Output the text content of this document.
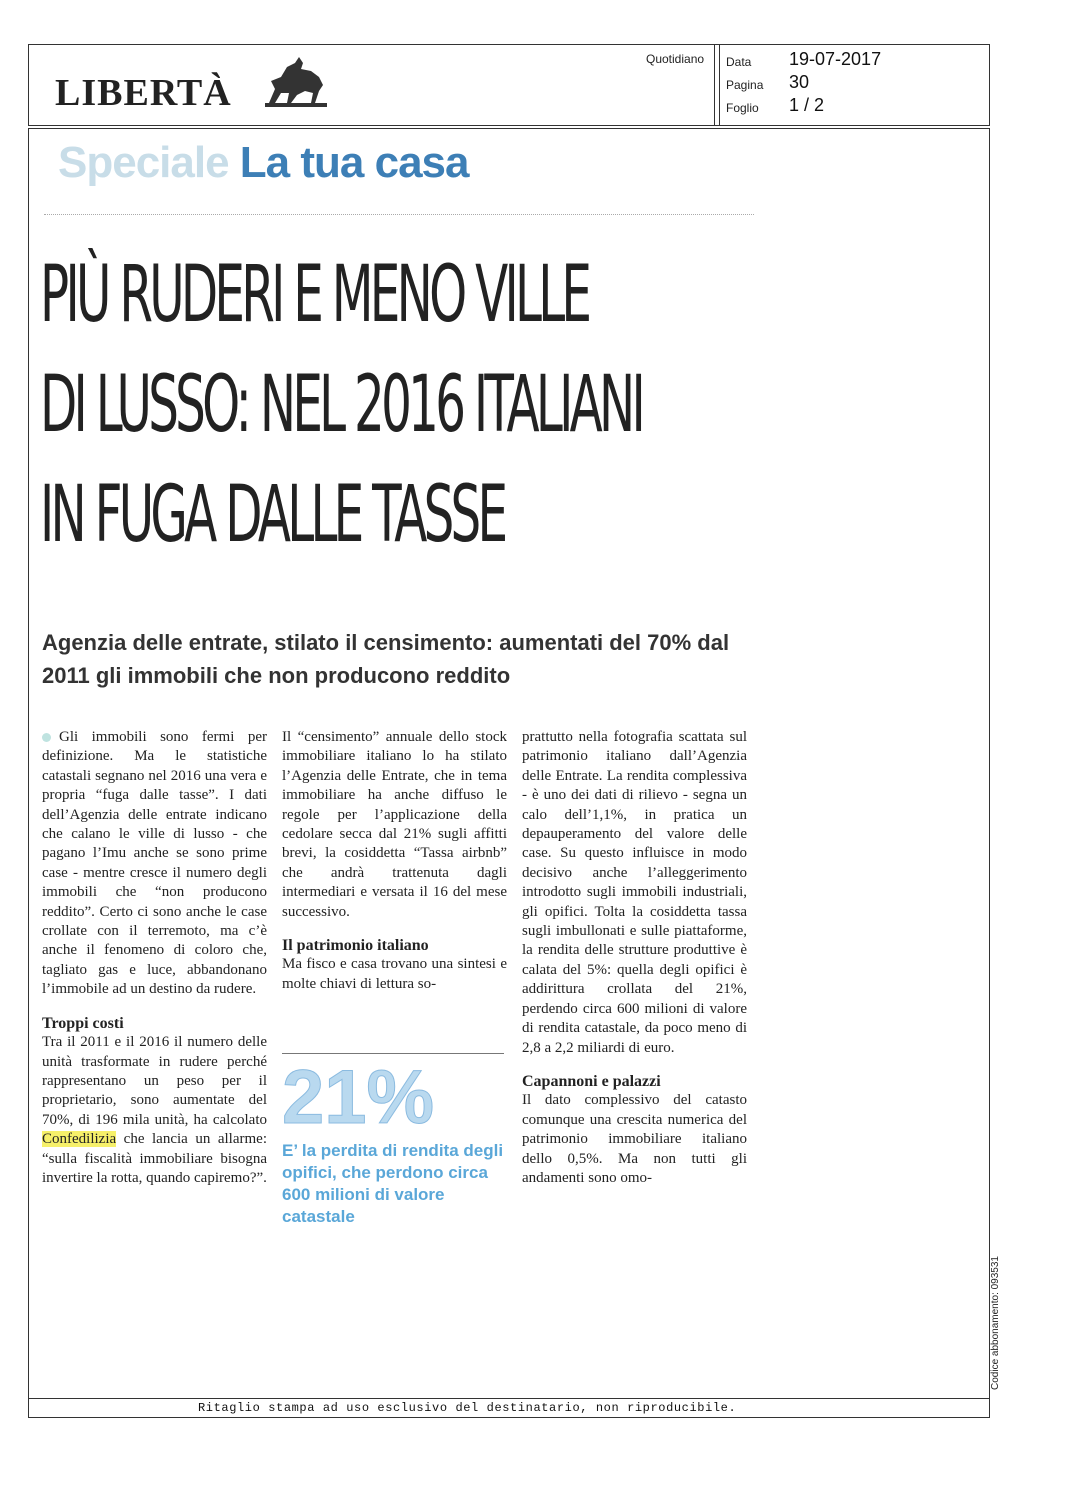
LIBERTÀ
Quotidiano Data 19-07-2017
Pagina 30
Foglio 1 / 2
Speciale La tua casa
PIÙ RUDERI E MENO VILLE
DI LUSSO: NEL 2016 ITALIANI
IN FUGA DALLE TASSE

Agenzia delle entrate, stilato il censimento: aumentati del 70% dal 2011 gli immobili che non producono reddito

Gli immobili sono fermi per definizione. Ma le statistiche catastali segnano nel 2016 una vera e propria “fuga dalle tasse”. I dati dell’Agenzia delle entrate indicano che calano le ville di lusso - che pagano l’Imu anche se sono prime case - mentre cresce il numero degli immobili che “non producono reddito”. Certo ci sono anche le case crollate con il terremoto, ma c’è anche il fenomeno di coloro che, tagliato gas e luce, abbandonano l’immobile ad un destino da rudere.

Troppi costi

Tra il 2011 e il 2016 il numero delle unità trasformate in rudere perché rappresentano un peso per il proprietario, sono aumentate del 70%, di 196 mila unità, ha calcolato Confedilizia che lancia un allarme: “sulla fiscalità immobiliare bisogna invertire la rotta, quando capiremo?”.

Il “censimento” annuale dello stock immobiliare italiano lo ha stilato l’Agenzia delle Entrate, che in tema immobiliare ha anche diffuso le regole per l’applicazione della cedolare secca dal 21% sugli affitti brevi, la cosiddetta “Tassa airbnb” che andrà trattenuta dagli intermediari e versata il 16 del mese successivo.

Il patrimonio italiano

Ma fisco e casa trovano una sintesi e molte chiavi di lettura so-

21%
E’ la perdita di rendita degli opifici, che perdono circa 600 milioni di valore catastale

prattutto nella fotografia scattata sul patrimonio italiano dall’Agenzia delle Entrate. La rendita complessiva - è uno dei dati di rilievo - segna un calo dell’1,1%, in pratica un depauperamento del valore delle case. Su questo influisce in modo decisivo anche l’alleggerimento introdotto sugli immobili industriali, gli opifici. Tolta la cosiddetta tassa sugli imbullonati e sulle piattaforme, la rendita delle strutture produttive è calata del 5%: quella degli opifici è addirittura crollata del 21%, perdendo circa 600 milioni di valore di rendita catastale, da poco meno di 2,8 a 2,2 miliardi di euro.

Capannoni e palazzi

Il dato complessivo del catasto comunque una crescita numerica del patrimonio immobiliare italiano dello 0,5%. Ma non tutti gli andamenti sono omo-

Codice abbonamento: 093531
Ritaglio stampa ad uso esclusivo del destinatario, non riproducibile.
